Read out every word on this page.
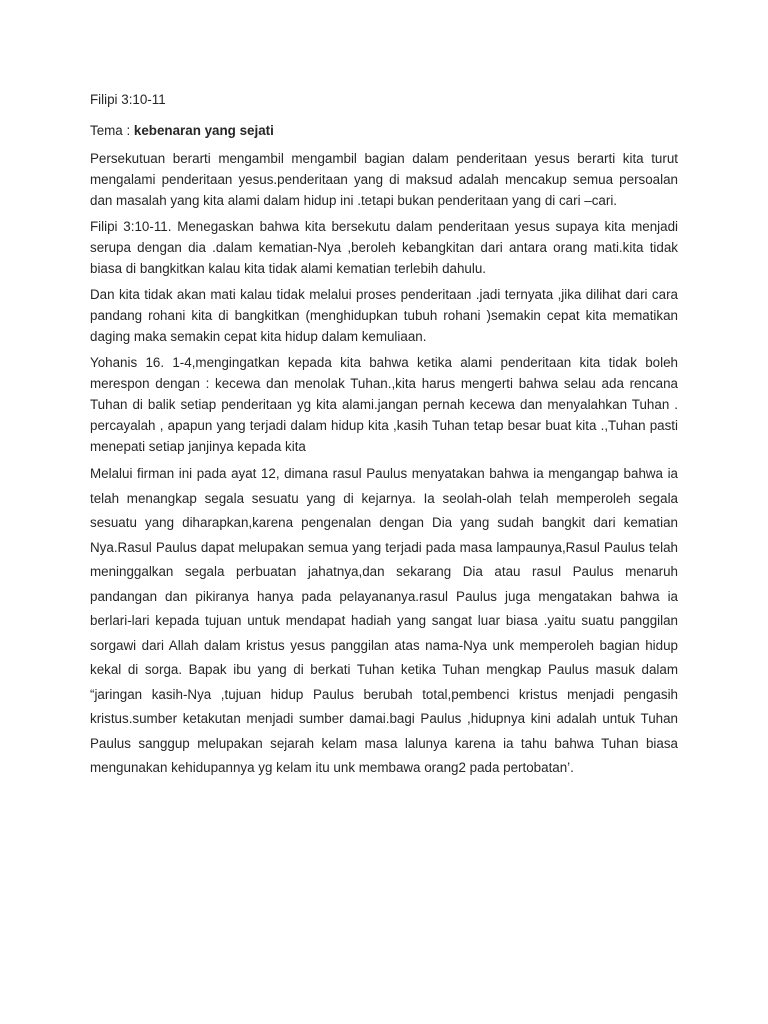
Filipi 3:10-11

Tema : kebenaran yang sejati

Persekutuan berarti mengambil mengambil bagian dalam penderitaan yesus berarti kita turut mengalami penderitaan yesus.penderitaan yang di maksud adalah mencakup semua persoalan dan masalah yang kita alami dalam hidup ini .tetapi bukan penderitaan yang di cari –cari.

Filipi 3:10-11. Menegaskan bahwa kita bersekutu dalam penderitaan yesus supaya kita menjadi serupa dengan dia .dalam kematian-Nya ,beroleh kebangkitan dari antara orang mati.kita tidak biasa di bangkitkan kalau kita tidak alami kematian terlebih dahulu.

Dan kita tidak akan mati kalau tidak melalui proses penderitaan .jadi ternyata ,jika dilihat dari cara pandang rohani kita di bangkitkan (menghidupkan tubuh rohani )semakin cepat kita mematikan daging maka semakin cepat kita hidup dalam kemuliaan.

Yohanis 16. 1-4,mengingatkan kepada kita bahwa ketika alami penderitaan kita tidak boleh merespon dengan : kecewa dan menolak Tuhan.,kita harus mengerti bahwa selau ada rencana Tuhan di balik setiap penderitaan yg kita alami.jangan pernah kecewa dan menyalahkan Tuhan . percayalah , apapun yang terjadi dalam hidup kita ,kasih Tuhan tetap besar buat kita .,Tuhan pasti menepati setiap janjinya kepada kita

Melalui firman ini pada ayat 12, dimana rasul Paulus menyatakan bahwa ia mengangap bahwa ia telah menangkap segala sesuatu yang di kejarnya. Ia seolah-olah telah memperoleh segala sesuatu yang diharapkan,karena pengenalan dengan Dia yang sudah bangkit dari kematian Nya.Rasul Paulus dapat melupakan semua yang terjadi pada masa lampaunya,Rasul Paulus telah meninggalkan segala perbuatan jahatnya,dan sekarang Dia atau rasul Paulus menaruh pandangan dan pikiranya hanya pada pelayananya.rasul Paulus juga mengatakan bahwa ia berlari-lari kepada tujuan untuk mendapat hadiah yang sangat luar biasa .yaitu suatu panggilan sorgawi dari Allah dalam kristus yesus panggilan atas nama-Nya unk memperoleh bagian hidup kekal di sorga. Bapak ibu yang di berkati Tuhan ketika Tuhan mengkap Paulus masuk dalam “jaringan kasih-Nya ,tujuan hidup Paulus berubah total,pembenci kristus menjadi pengasih kristus.sumber ketakutan menjadi sumber damai.bagi Paulus ,hidupnya kini adalah untuk Tuhan Paulus sanggup melupakan sejarah kelam masa lalunya karena ia tahu bahwa Tuhan biasa mengunakan kehidupannya yg kelam itu unk membawa orang2 pada pertobatan’.
